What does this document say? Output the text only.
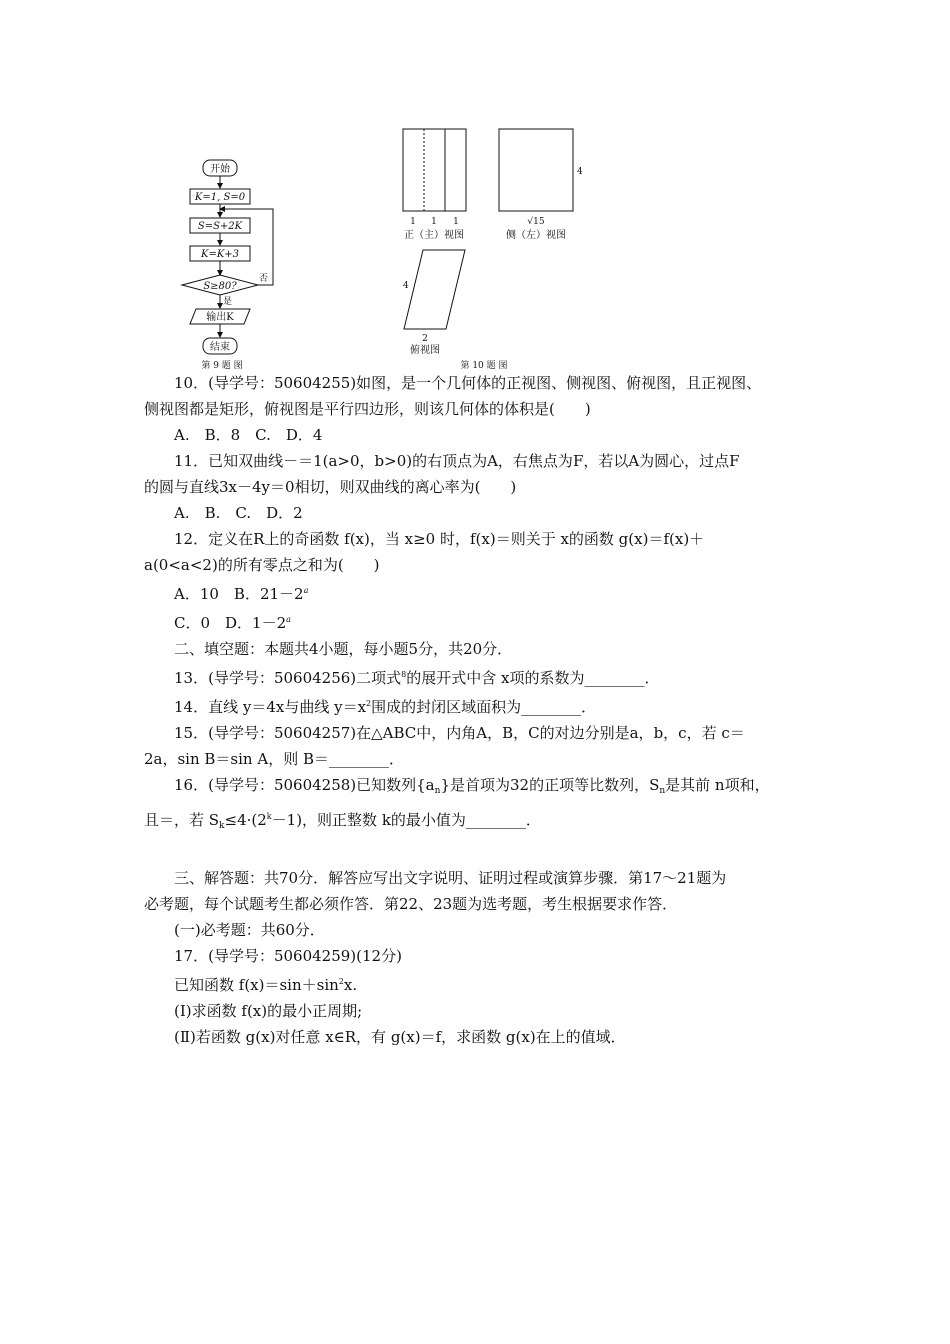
开始
K=1, S=0
S=S+2K
K=K+3
S≥80?
否
是
输出K
结束
第 9 题 图
1 1 1
正（主）视图
4
√15
侧（左）视图
4
2
俯视图
第 10 题 图
10．(导学号：50604255)如图，是一个几何体的正视图、侧视图、俯视图，且正视图、
侧视图都是矩形，俯视图是平行四边形，则该几何体的体积是(　　)
A.　B．8　C.　D．4
11．已知双曲线－＝1(a>0，b>0)的右顶点为A，右焦点为F，若以A为圆心，过点F
的圆与直线3x－4y＝0相切，则双曲线的离心率为(　　)
A.　B.　C.　D．2
12．定义在R上的奇函数 f(x)，当 x≥0 时，f(x)＝则关于 x的函数 g(x)＝f(x)＋
a(0<a<2)的所有零点之和为(　　)
A．10　B．$21-2^a$
C．0　D．$1-2^a$
二、填空题：本题共4小题，每小题5分，共20分．
13．(导学号：50604256)二项式$^8$的展开式中含 x项的系数为________．
14．直线 y＝4x与曲线 $y=x^2$围成的封闭区域面积为________．
15．(导学号：50604257)在△ABC中，内角A，B，C的对边分别是a，b，c，若 c＝
2a，sin B＝sin A，则 B＝________．
16．(导学号：50604258)已知数列$\{a_n\}$是首项为32的正项等比数列，$S_n$是其前 n项和，
且＝，若 $S_k\le 4\cdot(2^k-1)$，则正整数 k的最小值为________．
三、解答题：共70分．解答应写出文字说明、证明过程或演算步骤．第17～21题为
必考题，每个试题考生都必须作答．第22、23题为选考题，考生根据要求作答．
(一)必考题：共60分．
17．(导学号：50604259)(12分)
已知函数 $f(x)=\sin+\sin^2x$.
(Ⅰ)求函数 f(x)的最小正周期;
(Ⅱ)若函数 g(x)对任意 x∈R，有 g(x)＝f，求函数 g(x)在上的值域．
